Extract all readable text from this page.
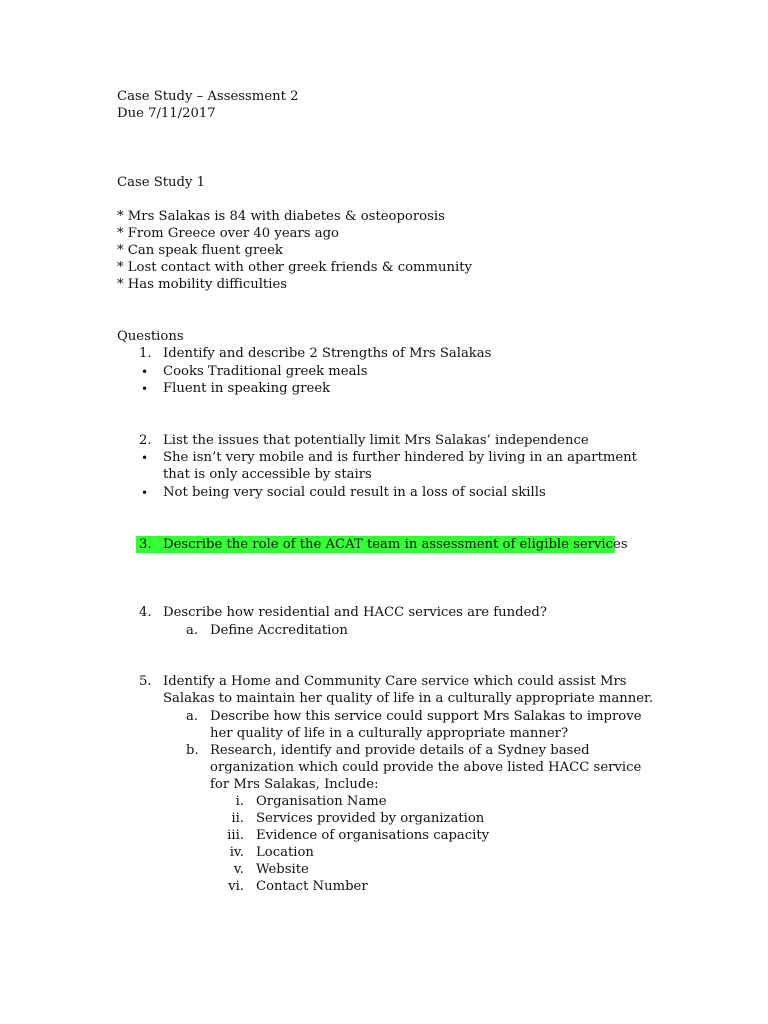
Case Study – Assessment 2
Due 7/11/2017
Case Study 1
* Mrs Salakas is 84 with diabetes & osteoporosis
* From Greece over 40 years ago
* Can speak fluent greek
* Lost contact with other greek friends & community
* Has mobility difficulties
Questions
1. Identify and describe 2 Strengths of Mrs Salakas
• Cooks Traditional greek meals
• Fluent in speaking greek
2. List the issues that potentially limit Mrs Salakas’ independence
• She isn’t very mobile and is further hindered by living in an apartment
that is only accessible by stairs
• Not being very social could result in a loss of social skills
3. Describe the role of the ACAT team in assessment of eligible services
4. Describe how residential and HACC services are funded?
a. Define Accreditation
5. Identify a Home and Community Care service which could assist Mrs
Salakas to maintain her quality of life in a culturally appropriate manner.
a. Describe how this service could support Mrs Salakas to improve
her quality of life in a culturally appropriate manner?
b. Research, identify and provide details of a Sydney based
organization which could provide the above listed HACC service
for Mrs Salakas, Include:
i. Organisation Name
ii. Services provided by organization
iii. Evidence of organisations capacity
iv. Location
v. Website
vi. Contact Number
